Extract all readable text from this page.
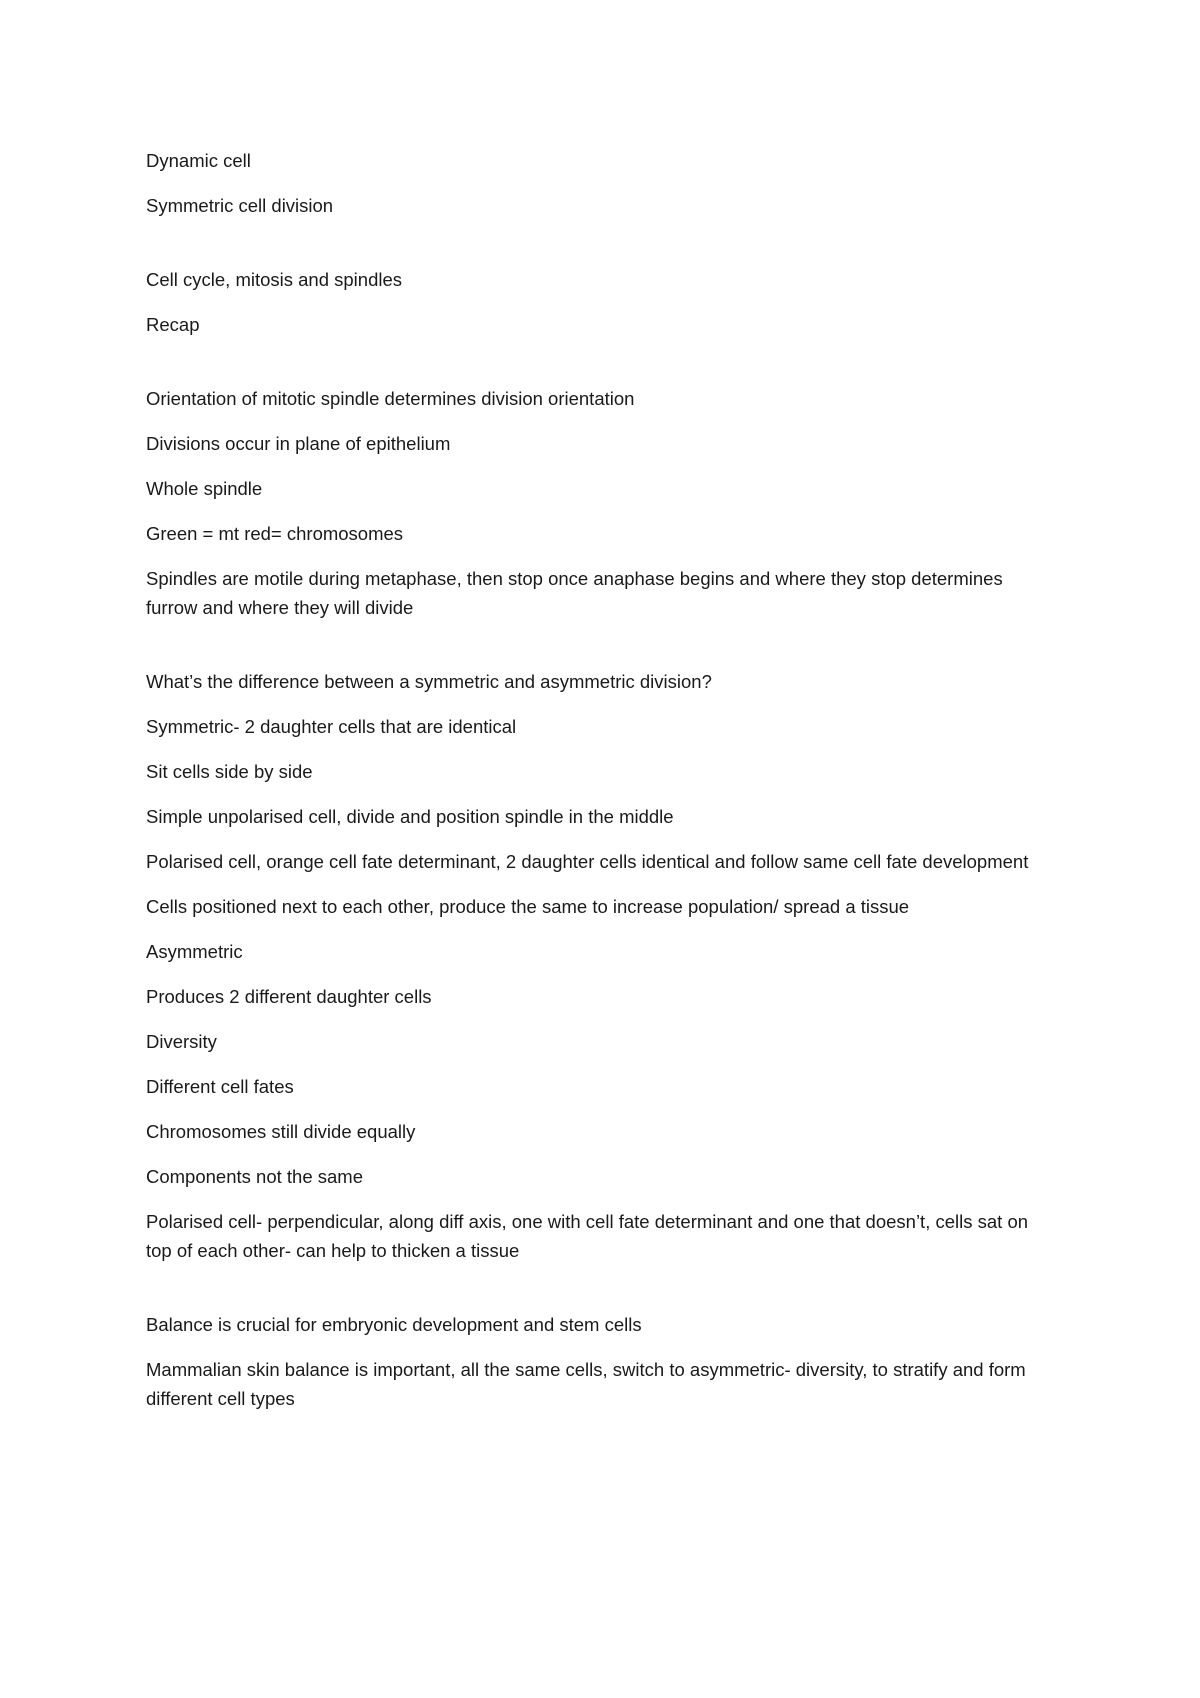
Dynamic cell

Symmetric cell division

Cell cycle, mitosis and spindles

Recap

Orientation of mitotic spindle determines division orientation

Divisions occur in plane of epithelium

Whole spindle

Green = mt red= chromosomes

Spindles are motile during metaphase, then stop once anaphase begins and where they stop determines furrow and where they will divide

What’s the difference between a symmetric and asymmetric division?

Symmetric- 2 daughter cells that are identical

Sit cells side by side

Simple unpolarised cell, divide and position spindle in the middle

Polarised cell, orange cell fate determinant, 2 daughter cells identical and follow same cell fate development

Cells positioned next to each other, produce the same to increase population/ spread a tissue

Asymmetric

Produces 2 different daughter cells

Diversity

Different cell fates

Chromosomes still divide equally

Components not the same

Polarised cell- perpendicular, along diff axis, one with cell fate determinant and one that doesn’t, cells sat on top of each other- can help to thicken a tissue

Balance is crucial for embryonic development and stem cells

Mammalian skin balance is important, all the same cells, switch to asymmetric- diversity, to stratify and form different cell types
